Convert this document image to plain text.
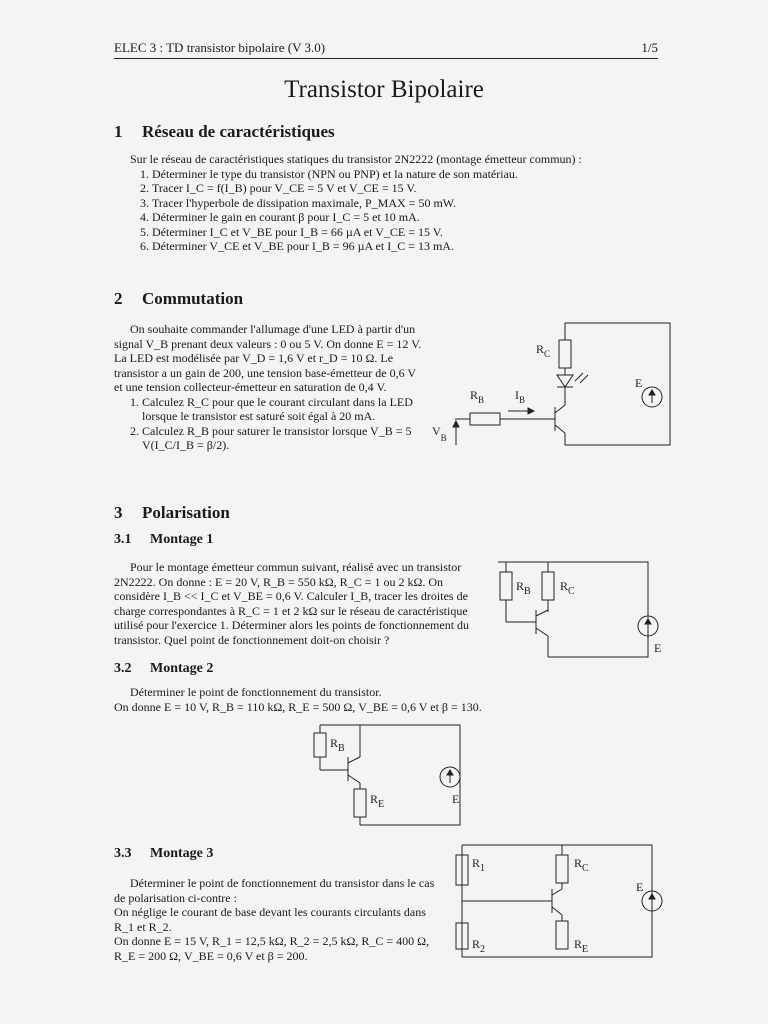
ELEC 3 : TD transistor bipolaire (V 3.0)	1/5
Transistor Bipolaire
1 Réseau de caractéristiques
Sur le réseau de caractéristiques statiques du transistor 2N2222 (montage émetteur commun) :
1. Déterminer le type du transistor (NPN ou PNP) et la nature de son matériau.
2. Tracer I_C = f(I_B) pour V_CE = 5 V et V_CE = 15 V.
3. Tracer l'hyperbole de dissipation maximale, P_MAX = 50 mW.
4. Déterminer le gain en courant β pour I_C = 5 et 10 mA.
5. Déterminer I_C et V_BE pour I_B = 66 µA et V_CE = 15 V.
6. Déterminer V_CE et V_BE pour I_B = 96 µA et I_C = 13 mA.
2 Commutation
On souhaite commander l'allumage d'une LED à partir d'un signal V_B prenant deux valeurs : 0 ou 5 V. On donne E = 12 V.
La LED est modélisée par V_D = 1,6 V et r_D = 10 Ω. Le transistor a un gain de 200, une tension base-émetteur de 0,6 V et une tension collecteur-émetteur en saturation de 0,4 V.
1. Calculez R_C pour que le courant circulant dans la LED lorsque le transistor est saturé soit égal à 20 mA.
2. Calculez R_B pour saturer le transistor lorsque V_B = 5 V(I_C/I_B = β/2).
$R_C$
$R_B$	$I_B$
$V_B$
E
3 Polarisation
3.1 Montage 1
Pour le montage émetteur commun suivant, réalisé avec un transistor 2N2222. On donne : E = 20 V, R_B = 550 kΩ, R_C = 1 ou 2 kΩ. On considère I_B << I_C et V_BE = 0,6 V. Calculer I_B, tracer les droites de charge correspondantes à R_C = 1 et 2 kΩ sur le réseau de caractéristique utilisé pour l'exercice 1. Déterminer alors les points de fonctionnement du transistor. Quel point de fonctionnement doit-on choisir ?
$R_B$ $R_C$
E
3.2 Montage 2
Déterminer le point de fonctionnement du transistor.
On donne E = 10 V, R_B = 110 kΩ, R_E = 500 Ω, V_BE = 0,6 V et β = 130.
$R_B$
$R_E$	E
3.3 Montage 3
Déterminer le point de fonctionnement du transistor dans le cas de polarisation ci-contre :
On néglige le courant de base devant les courants circulants dans R_1 et R_2.
On donne E = 15 V, R_1 = 12,5 kΩ, R_2 = 2,5 kΩ, R_C = 400 Ω, R_E = 200 Ω, V_BE = 0,6 V et β = 200.
$R_1$
$R_2$
$R_C$
$R_E$
E
